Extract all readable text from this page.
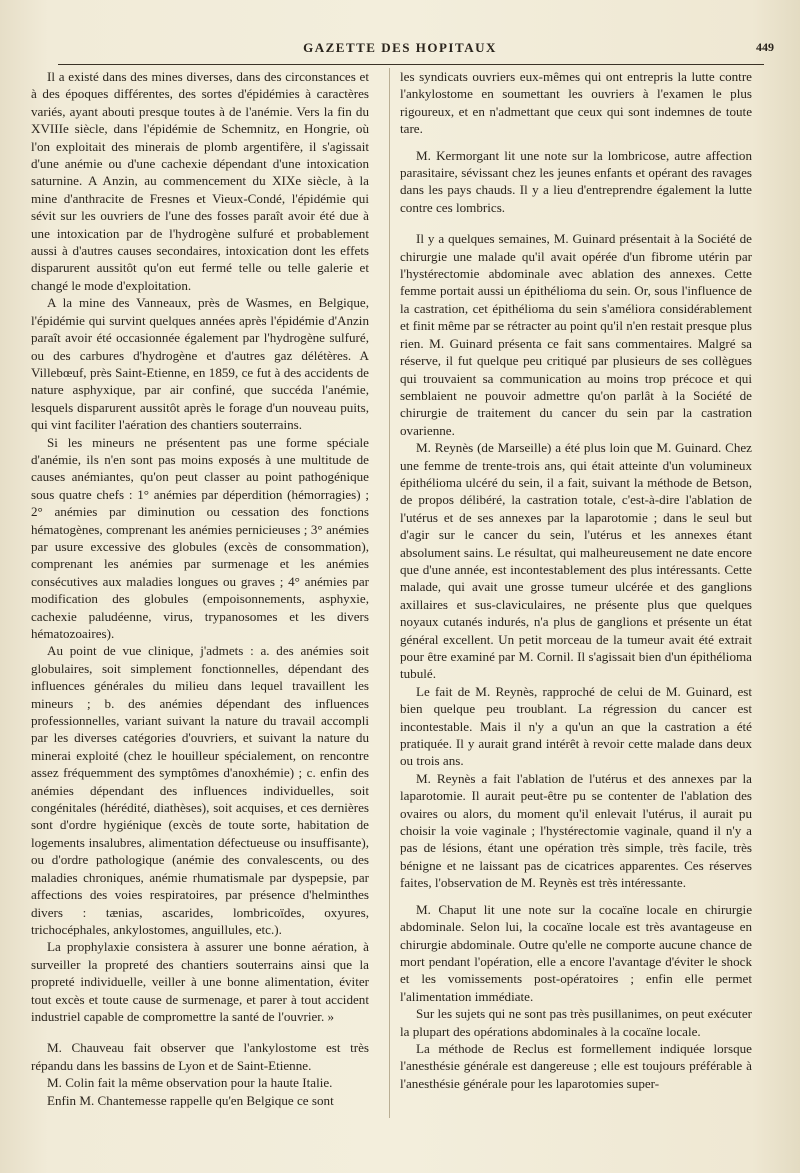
GAZETTE DES HOPITAUX	449

Il a existé dans des mines diverses, dans des circonstances et à des époques différentes, des sortes d'épidémies à caractères variés, ayant abouti presque toutes à de l'anémie. Vers la fin du XVIIIe siècle, dans l'épidémie de Schemnitz, en Hongrie, où l'on exploitait des minerais de plomb argentifère, il s'agissait d'une anémie ou d'une cachexie dépendant d'une intoxication saturnine. A Anzin, au commencement du XIXe siècle, à la mine d'anthracite de Fresnes et Vieux-Condé, l'épidémie qui sévit sur les ouvriers de l'une des fosses paraît avoir été due à une intoxication par de l'hydrogène sulfuré et probablement aussi à d'autres causes secondaires, intoxication dont les effets disparurent aussitôt qu'on eut fermé telle ou telle galerie et changé le mode d'exploitation.

A la mine des Vanneaux, près de Wasmes, en Belgique, l'épidémie qui survint quelques années après l'épidémie d'Anzin paraît avoir été occasionnée également par l'hydrogène sulfuré, ou des carbures d'hydrogène et d'autres gaz délétères. A Villebœuf, près Saint-Etienne, en 1859, ce fut à des accidents de nature asphyxique, par air confiné, que succéda l'anémie, lesquels disparurent aussitôt après le forage d'un nouveau puits, qui vint faciliter l'aération des chantiers souterrains.

Si les mineurs ne présentent pas une forme spéciale d'anémie, ils n'en sont pas moins exposés à une multitude de causes anémiantes, qu'on peut classer au point pathogénique sous quatre chefs : 1° anémies par déperdition (hémorragies) ; 2° anémies par diminution ou cessation des fonctions hématogènes, comprenant les anémies pernicieuses ; 3° anémies par usure excessive des globules (excès de consommation), comprenant les anémies par surmenage et les anémies consécutives aux maladies longues ou graves ; 4° anémies par modification des globules (empoisonnements, asphyxie, cachexie paludéenne, virus, trypanosomes et les divers hématozoaires).

Au point de vue clinique, j'admets : a. des anémies soit globulaires, soit simplement fonctionnelles, dépendant des influences générales du milieu dans lequel travaillent les mineurs ; b. des anémies dépendant des influences professionnelles, variant suivant la nature du travail accompli par les diverses catégories d'ouvriers, et suivant la nature du minerai exploité (chez le houilleur spécialement, on rencontre assez fréquemment des symptômes d'anoxhémie) ; c. enfin des anémies dépendant des influences individuelles, soit congénitales (hérédité, diathèses), soit acquises, et ces dernières sont d'ordre hygiénique (excès de toute sorte, habitation de logements insalubres, alimentation défectueuse ou insuffisante), ou d'ordre pathologique (anémie des convalescents, ou des maladies chroniques, anémie rhumatismale par dyspepsie, par affections des voies respiratoires, par présence d'helminthes divers : tænias, ascarides, lombricoïdes, oxyures, trichocéphales, ankylostomes, anguillules, etc.).

La prophylaxie consistera à assurer une bonne aération, à surveiller la propreté des chantiers souterrains ainsi que la propreté individuelle, veiller à une bonne alimentation, éviter tout excès et toute cause de surmenage, et parer à tout accident industriel capable de compromettre la santé de l'ouvrier. »

M. Chauveau fait observer que l'ankylostome est très répandu dans les bassins de Lyon et de Saint-Etienne.

M. Colin fait la même observation pour la haute Italie.

Enfin M. Chantemesse rappelle qu'en Belgique ce sont

les syndicats ouvriers eux-mêmes qui ont entrepris la lutte contre l'ankylostome en soumettant les ouvriers à l'examen le plus rigoureux, et en n'admettant que ceux qui sont indemnes de toute tare.

M. Kermorgant lit une note sur la lombricose, autre affection parasitaire, sévissant chez les jeunes enfants et opérant des ravages dans les pays chauds. Il y a lieu d'entreprendre également la lutte contre ces lombrics.

Il y a quelques semaines, M. Guinard présentait à la Société de chirurgie une malade qu'il avait opérée d'un fibrome utérin par l'hystérectomie abdominale avec ablation des annexes. Cette femme portait aussi un épithélioma du sein. Or, sous l'influence de la castration, cet épithélioma du sein s'améliora considérablement et finit même par se rétracter au point qu'il n'en restait presque plus rien. M. Guinard présenta ce fait sans commentaires. Malgré sa réserve, il fut quelque peu critiqué par plusieurs de ses collègues qui trouvaient sa communication au moins trop précoce et qui semblaient ne pouvoir admettre qu'on parlât à la Société de chirurgie de traitement du cancer du sein par la castration ovarienne.

M. Reynès (de Marseille) a été plus loin que M. Guinard. Chez une femme de trente-trois ans, qui était atteinte d'un volumineux épithélioma ulcéré du sein, il a fait, suivant la méthode de Betson, de propos délibéré, la castration totale, c'est-à-dire l'ablation de l'utérus et de ses annexes par la laparotomie ; dans le seul but d'agir sur le cancer du sein, l'utérus et les annexes étant absolument sains. Le résultat, qui malheureusement ne date encore que d'une année, est incontestablement des plus intéressants. Cette malade, qui avait une grosse tumeur ulcérée et des ganglions axillaires et sus-claviculaires, ne présente plus que quelques noyaux cutanés indurés, n'a plus de ganglions et présente un état général excellent. Un petit morceau de la tumeur avait été extrait pour être examiné par M. Cornil. Il s'agissait bien d'un épithélioma tubulé.

Le fait de M. Reynès, rapproché de celui de M. Guinard, est bien quelque peu troublant. La régression du cancer est incontestable. Mais il n'y a qu'un an que la castration a été pratiquée. Il y aurait grand intérêt à revoir cette malade dans deux ou trois ans.

M. Reynès a fait l'ablation de l'utérus et des annexes par la laparotomie. Il aurait peut-être pu se contenter de l'ablation des ovaires ou alors, du moment qu'il enlevait l'utérus, il aurait pu choisir la voie vaginale ; l'hystérectomie vaginale, quand il n'y a pas de lésions, étant une opération très simple, très facile, très bénigne et ne laissant pas de cicatrices apparentes. Ces réserves faites, l'observation de M. Reynès est très intéressante.

M. Chaput lit une note sur la cocaïne locale en chirurgie abdominale. Selon lui, la cocaïne locale est très avantageuse en chirurgie abdominale. Outre qu'elle ne comporte aucune chance de mort pendant l'opération, elle a encore l'avantage d'éviter le shock et les vomissements post-opératoires ; enfin elle permet l'alimentation immédiate.

Sur les sujets qui ne sont pas très pusillanimes, on peut exécuter la plupart des opérations abdominales à la cocaïne locale.

La méthode de Reclus est formellement indiquée lorsque l'anesthésie générale est dangereuse ; elle est toujours préférable à l'anesthésie générale pour les laparotomies super-
